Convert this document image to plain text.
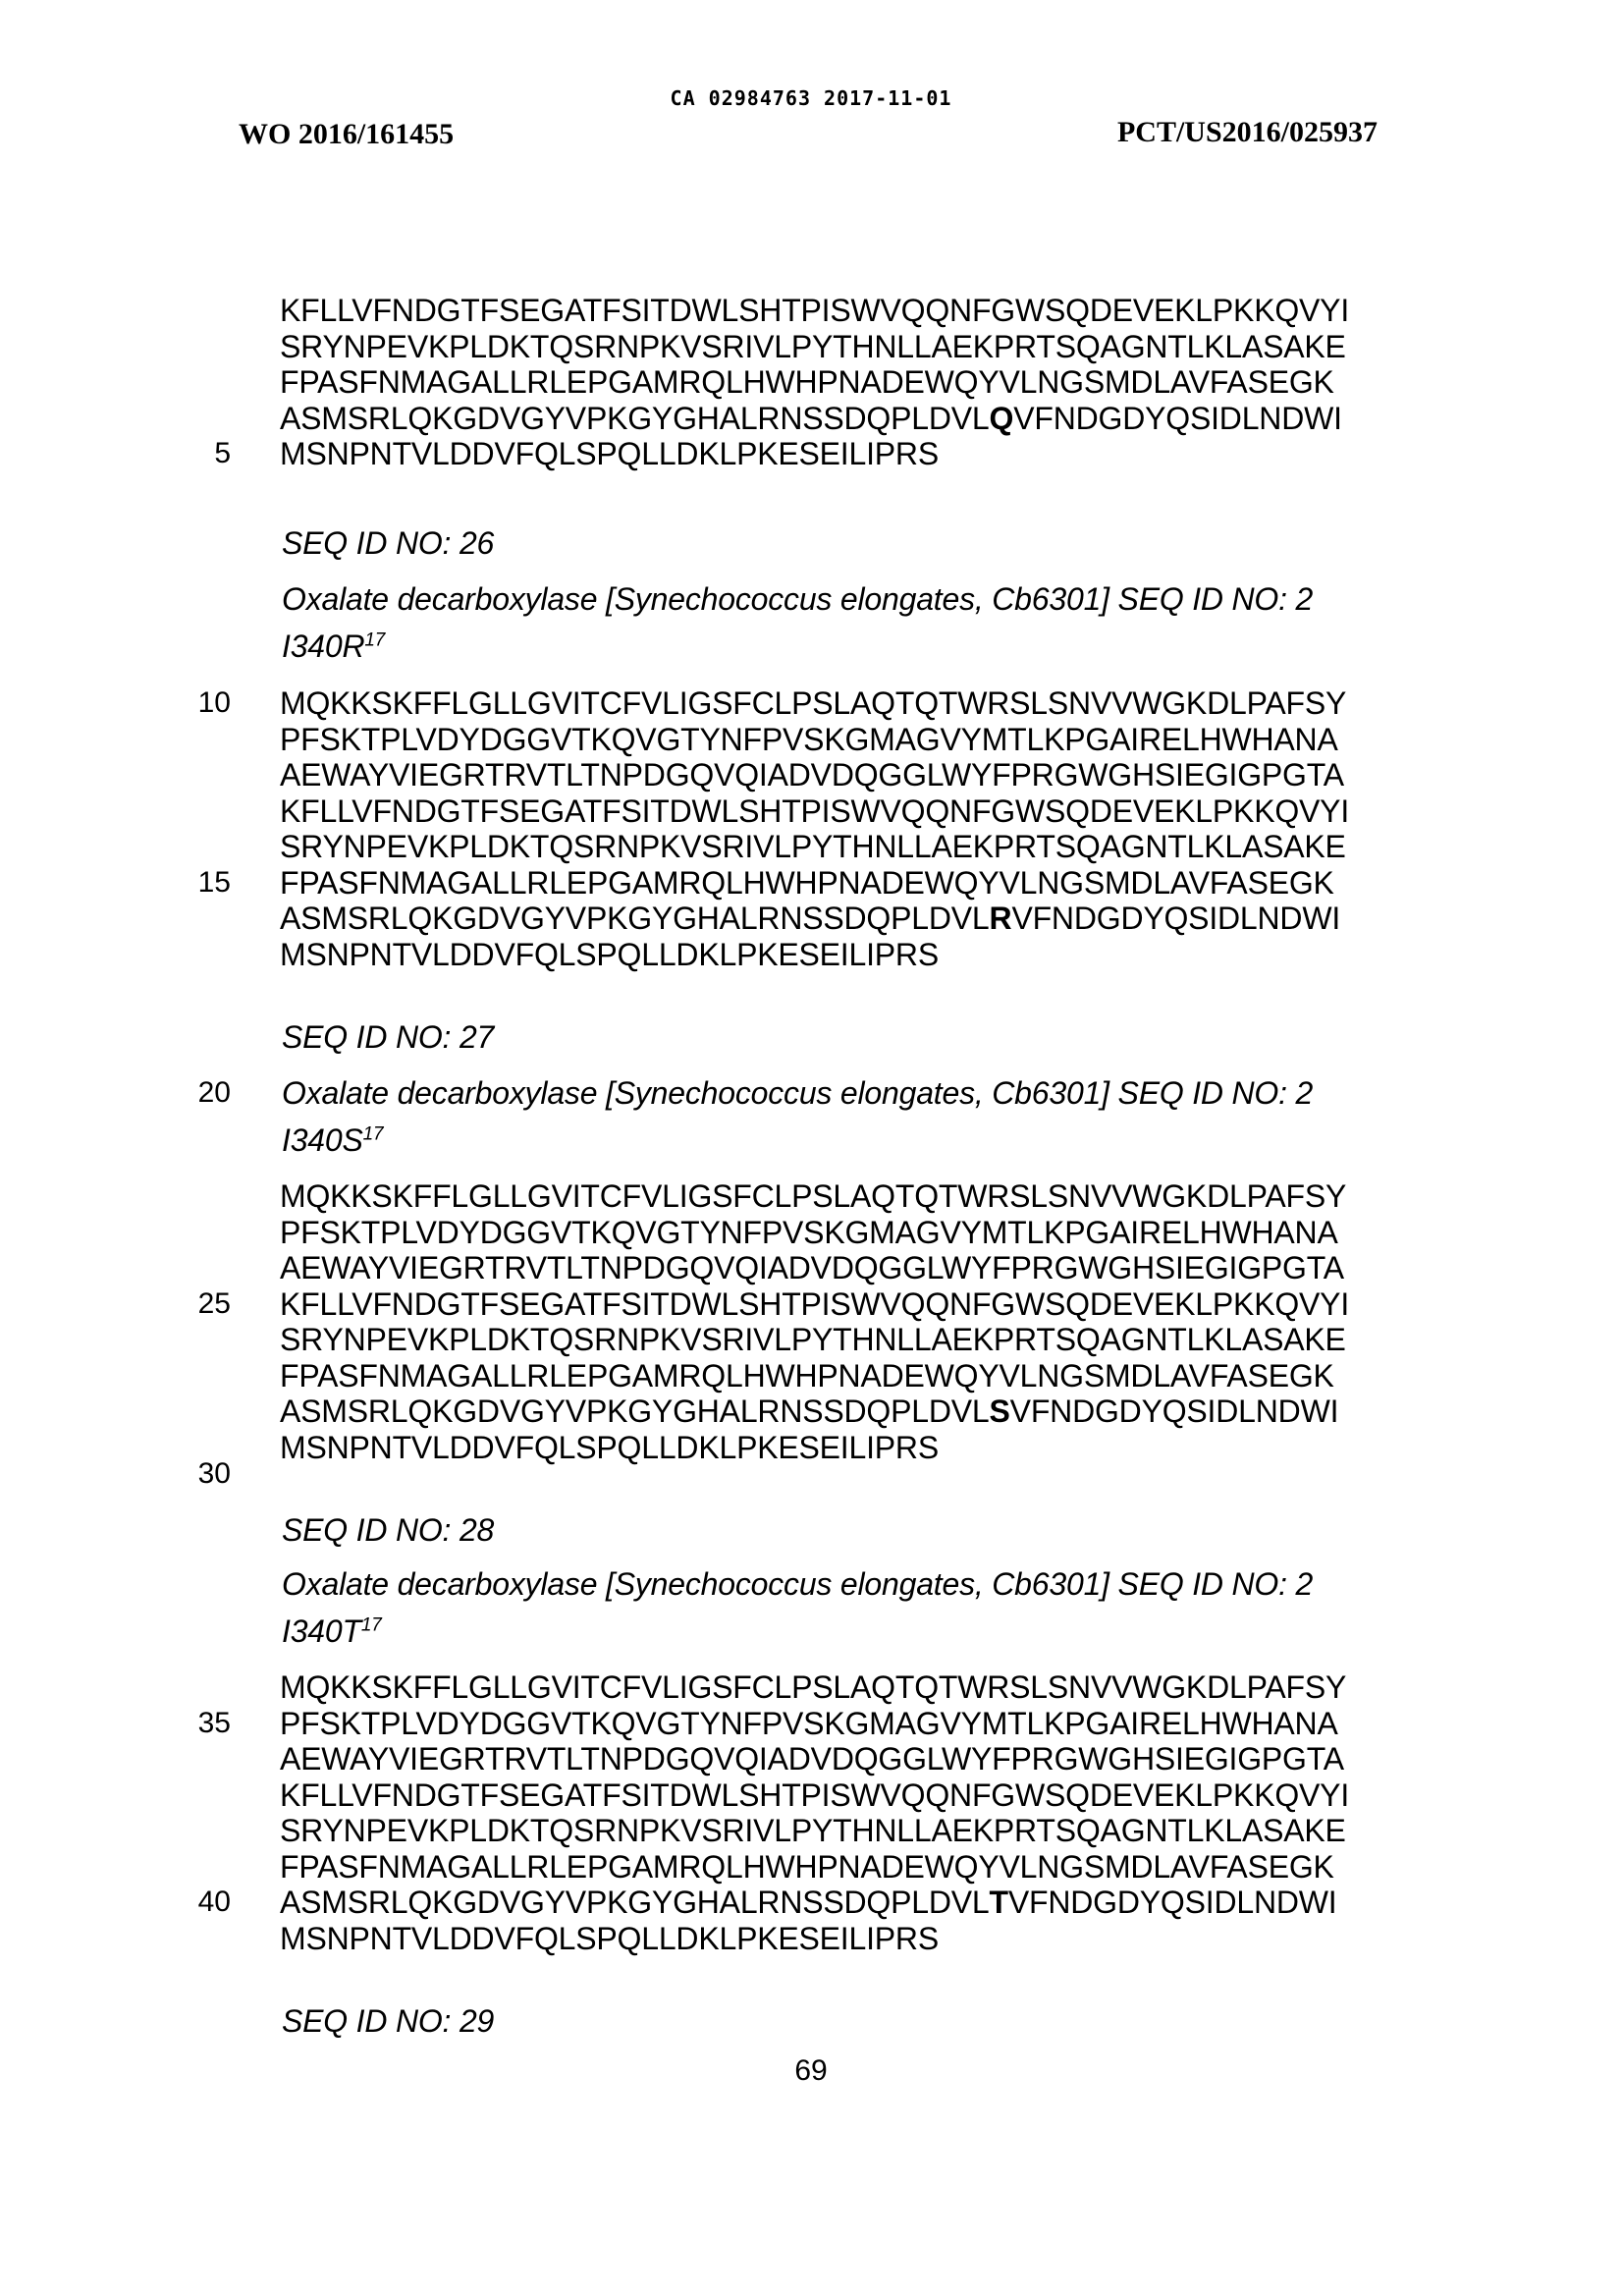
CA 02984763 2017-11-01
WO 2016/161455	PCT/US2016/025937
5
10
15
20
25
30
35
40
KFLLVFNDGTFSEGATFSITDWLSHTPISWVQQNFGWSQDEVEKLPKKQVYI
SRYNPEVKPLDKTQSRNPKVSRIVLPYTHNLLAEKPRTSQAGNTLKLASAKE
FPASFNMAGALLRLEPGAMRQLHWHPNADEWQYVLNGSMDLAVFASEGK
ASMSRLQKGDVGYVPKGYGHALRNSSDQPLDVLQVFNDGDYQSIDLNDWI
MSNPNTVLDDVFQLSPQLLDKLPKESEILIPRS
SEQ ID NO: 26
Oxalate decarboxylase [Synechococcus elongates, Cb6301] SEQ ID NO: 2
$I340R^{17}$
MQKKSKFFLGLLGVITCFVLIGSFCLPSLAQTQTWRSLSNVVWGKDLPAFSY
PFSKTPLVDYDGGVTKQVGTYNFPVSKGMAGVYMTLKPGAIRELHWHANA
AEWAYVIEGRTRVTLTNPDGQVQIADVDQGGLWYFPRGWGHSIEGIGPGTA
KFLLVFNDGTFSEGATFSITDWLSHTPISWVQQNFGWSQDEVEKLPKKQVYI
SRYNPEVKPLDKTQSRNPKVSRIVLPYTHNLLAEKPRTSQAGNTLKLASAKE
FPASFNMAGALLRLEPGAMRQLHWHPNADEWQYVLNGSMDLAVFASEGK
ASMSRLQKGDVGYVPKGYGHALRNSSDQPLDVLRVFNDGDYQSIDLNDWI
MSNPNTVLDDVFQLSPQLLDKLPKESEILIPRS
SEQ ID NO: 27
Oxalate decarboxylase [Synechococcus elongates, Cb6301] SEQ ID NO: 2
$I340S^{17}$
MQKKSKFFLGLLGVITCFVLIGSFCLPSLAQTQTWRSLSNVVWGKDLPAFSY
PFSKTPLVDYDGGVTKQVGTYNFPVSKGMAGVYMTLKPGAIRELHWHANA
AEWAYVIEGRTRVTLTNPDGQVQIADVDQGGLWYFPRGWGHSIEGIGPGTA
KFLLVFNDGTFSEGATFSITDWLSHTPISWVQQNFGWSQDEVEKLPKKQVYI
SRYNPEVKPLDKTQSRNPKVSRIVLPYTHNLLAEKPRTSQAGNTLKLASAKE
FPASFNMAGALLRLEPGAMRQLHWHPNADEWQYVLNGSMDLAVFASEGK
ASMSRLQKGDVGYVPKGYGHALRNSSDQPLDVLSVFNDGDYQSIDLNDWI
MSNPNTVLDDVFQLSPQLLDKLPKESEILIPRS
SEQ ID NO: 28
Oxalate decarboxylase [Synechococcus elongates, Cb6301] SEQ ID NO: 2
$I340T^{17}$
MQKKSKFFLGLLGVITCFVLIGSFCLPSLAQTQTWRSLSNVVWGKDLPAFSY
PFSKTPLVDYDGGVTKQVGTYNFPVSKGMAGVYMTLKPGAIRELHWHANA
AEWAYVIEGRTRVTLTNPDGQVQIADVDQGGLWYFPRGWGHSIEGIGPGTA
KFLLVFNDGTFSEGATFSITDWLSHTPISWVQQNFGWSQDEVEKLPKKQVYI
SRYNPEVKPLDKTQSRNPKVSRIVLPYTHNLLAEKPRTSQAGNTLKLASAKE
FPASFNMAGALLRLEPGAMRQLHWHPNADEWQYVLNGSMDLAVFASEGK
ASMSRLQKGDVGYVPKGYGHALRNSSDQPLDVLTVFNDGDYQSIDLNDWI
MSNPNTVLDDVFQLSPQLLDKLPKESEILIPRS
SEQ ID NO: 29
69
